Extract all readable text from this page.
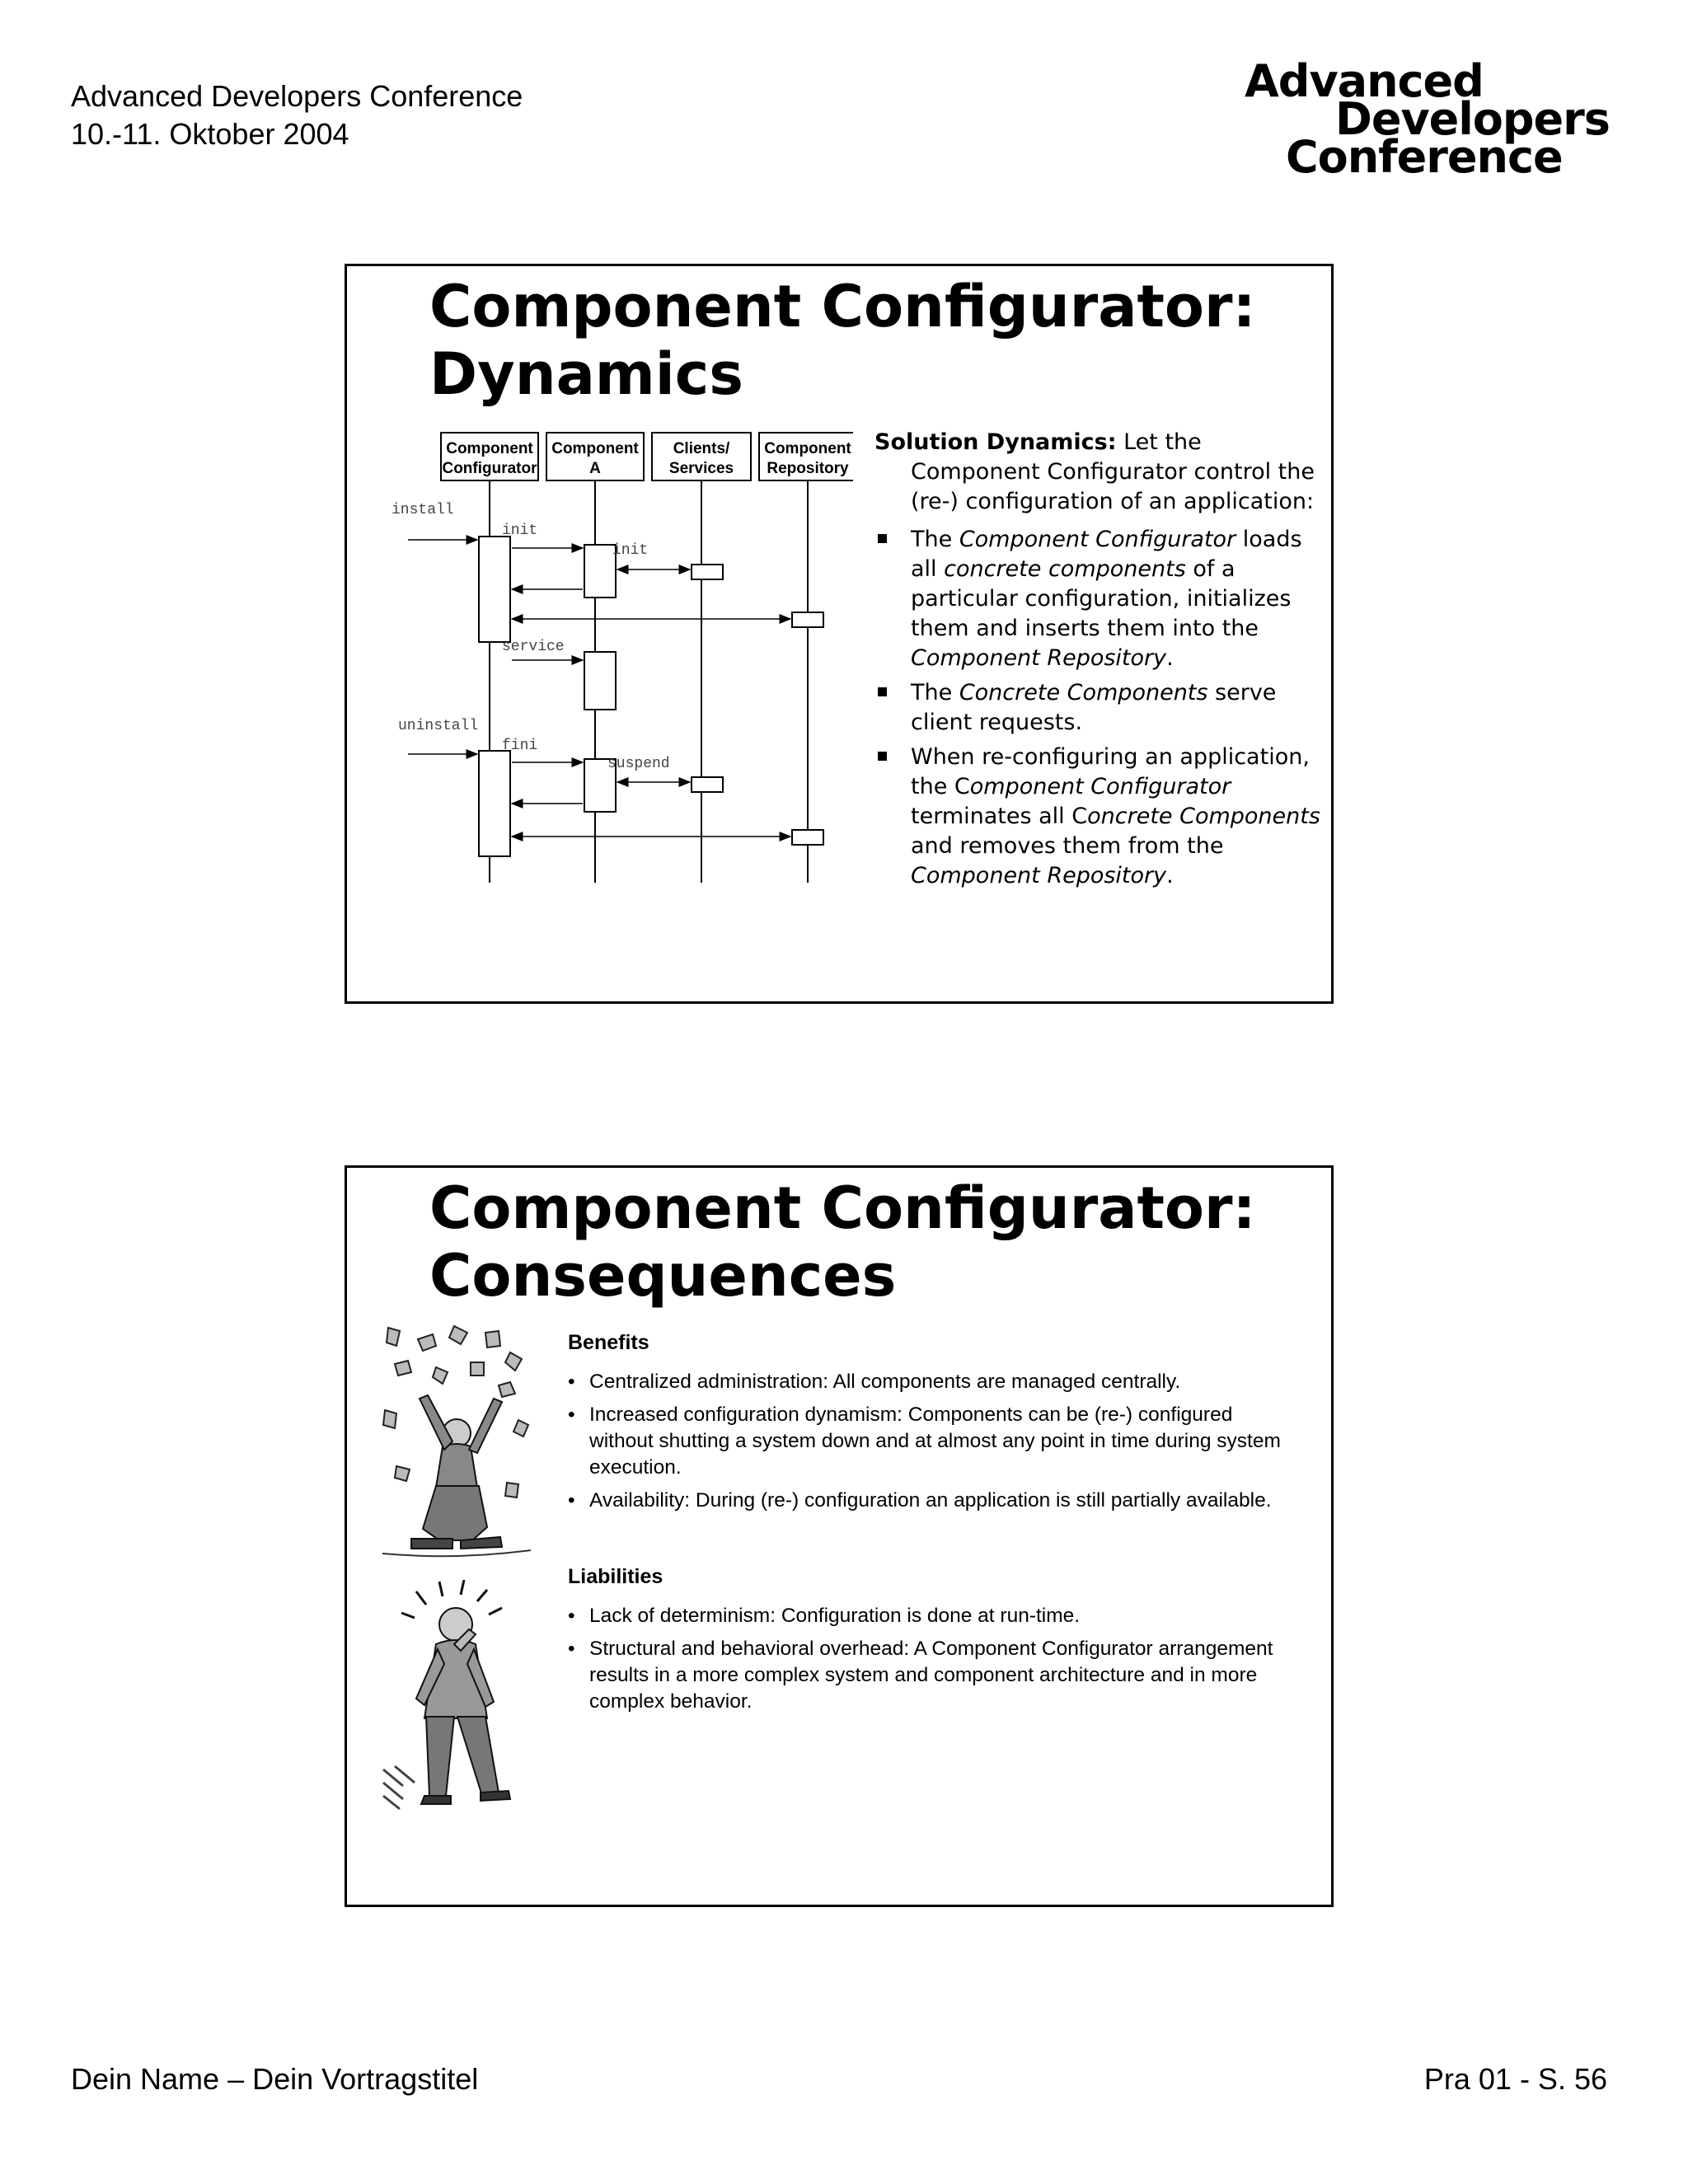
Advanced Developers Conference
10.-11. Oktober 2004
Advanced
Developers
Conference
Component Configurator:
Dynamics
Component
Configurator
Component
A
Clients/
Services
Component
Repository
install
init
init
service
uninstall
fini
suspend
Solution Dynamics: Let the Component Configurator control the (re-) configuration of an application:
The Component Configurator loads all concrete components of a particular configuration, initializes them and inserts them into the Component Repository.
The Concrete Components serve client requests.
When re-configuring an application, the Component Configurator terminates all Concrete Components and removes them from the Component Repository.
Component Configurator:
Consequences
Benefits
• Centralized administration: All components are managed centrally.
• Increased configuration dynamism: Components can be (re-) configured without shutting a system down and at almost any point in time during system execution.
• Availability: During (re-) configuration an application is still partially available.
Liabilities
• Lack of determinism: Configuration is done at run-time.
• Structural and behavioral overhead: A Component Configurator arrangement results in a more complex system and component architecture and in more complex behavior.
Dein Name – Dein Vortragstitel	Pra 01 - S. 56
